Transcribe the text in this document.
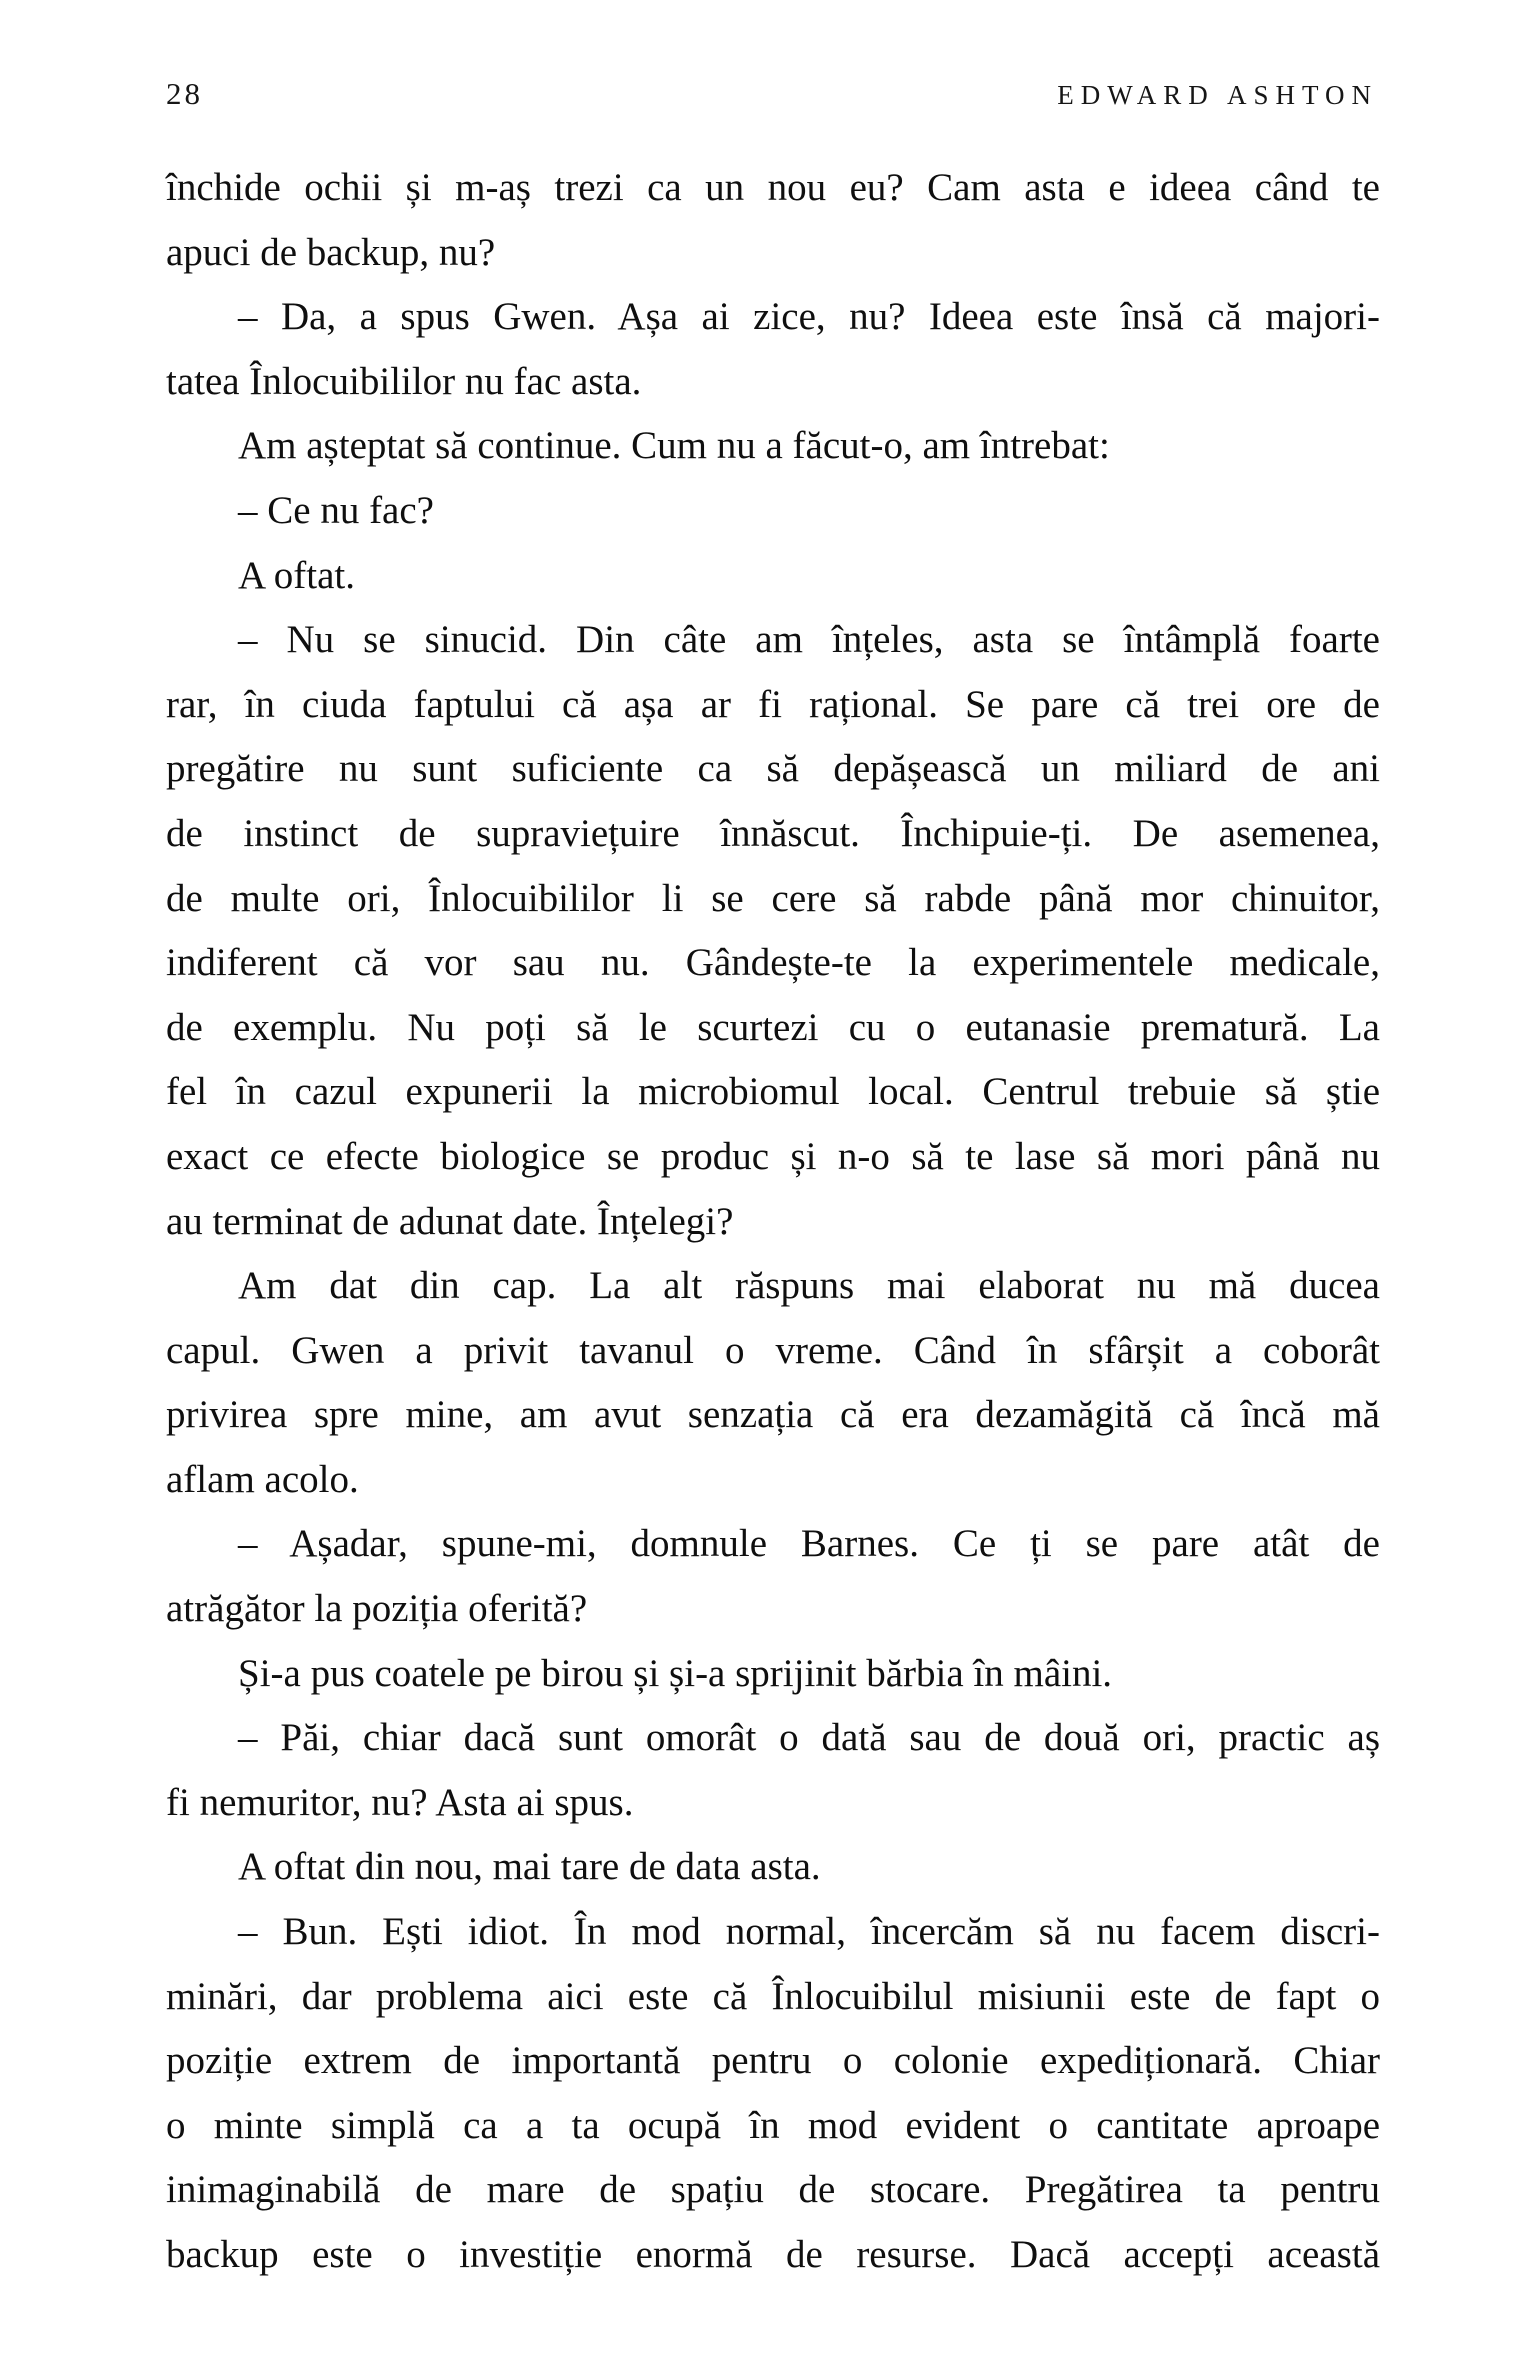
28	EDWARD ASHTON
închide ochii și m-aș trezi ca un nou eu? Cam asta e ideea când te
apuci de backup, nu?
– Da, a spus Gwen. Așa ai zice, nu? Ideea este însă că majori-
tatea Înlocuibililor nu fac asta.
Am așteptat să continue. Cum nu a făcut-o, am întrebat:
– Ce nu fac?
A oftat.
– Nu se sinucid. Din câte am înțeles, asta se întâmplă foarte
rar, în ciuda faptului că așa ar fi rațional. Se pare că trei ore de
pregătire nu sunt suficiente ca să depășească un miliard de ani
de instinct de supraviețuire înnăscut. Închipuie-ți. De asemenea,
de multe ori, Înlocuibililor li se cere să rabde până mor chinuitor,
indiferent că vor sau nu. Gândește-te la experimentele medicale,
de exemplu. Nu poți să le scurtezi cu o eutanasie prematură. La
fel în cazul expunerii la microbiomul local. Centrul trebuie să știe
exact ce efecte biologice se produc și n-o să te lase să mori până nu
au terminat de adunat date. Înțelegi?
Am dat din cap. La alt răspuns mai elaborat nu mă ducea
capul. Gwen a privit tavanul o vreme. Când în sfârșit a coborât
privirea spre mine, am avut senzația că era dezamăgită că încă mă
aflam acolo.
– Așadar, spune-mi, domnule Barnes. Ce ți se pare atât de
atrăgător la poziția oferită?
Și-a pus coatele pe birou și și-a sprijinit bărbia în mâini.
– Păi, chiar dacă sunt omorât o dată sau de două ori, practic aș
fi nemuritor, nu? Asta ai spus.
A oftat din nou, mai tare de data asta.
– Bun. Ești idiot. În mod normal, încercăm să nu facem discri-
minări, dar problema aici este că Înlocuibilul misiunii este de fapt o
poziție extrem de importantă pentru o colonie expediționară. Chiar
o minte simplă ca a ta ocupă în mod evident o cantitate aproape
inimaginabilă de mare de spațiu de stocare. Pregătirea ta pentru
backup este o investiție enormă de resurse. Dacă accepți această
